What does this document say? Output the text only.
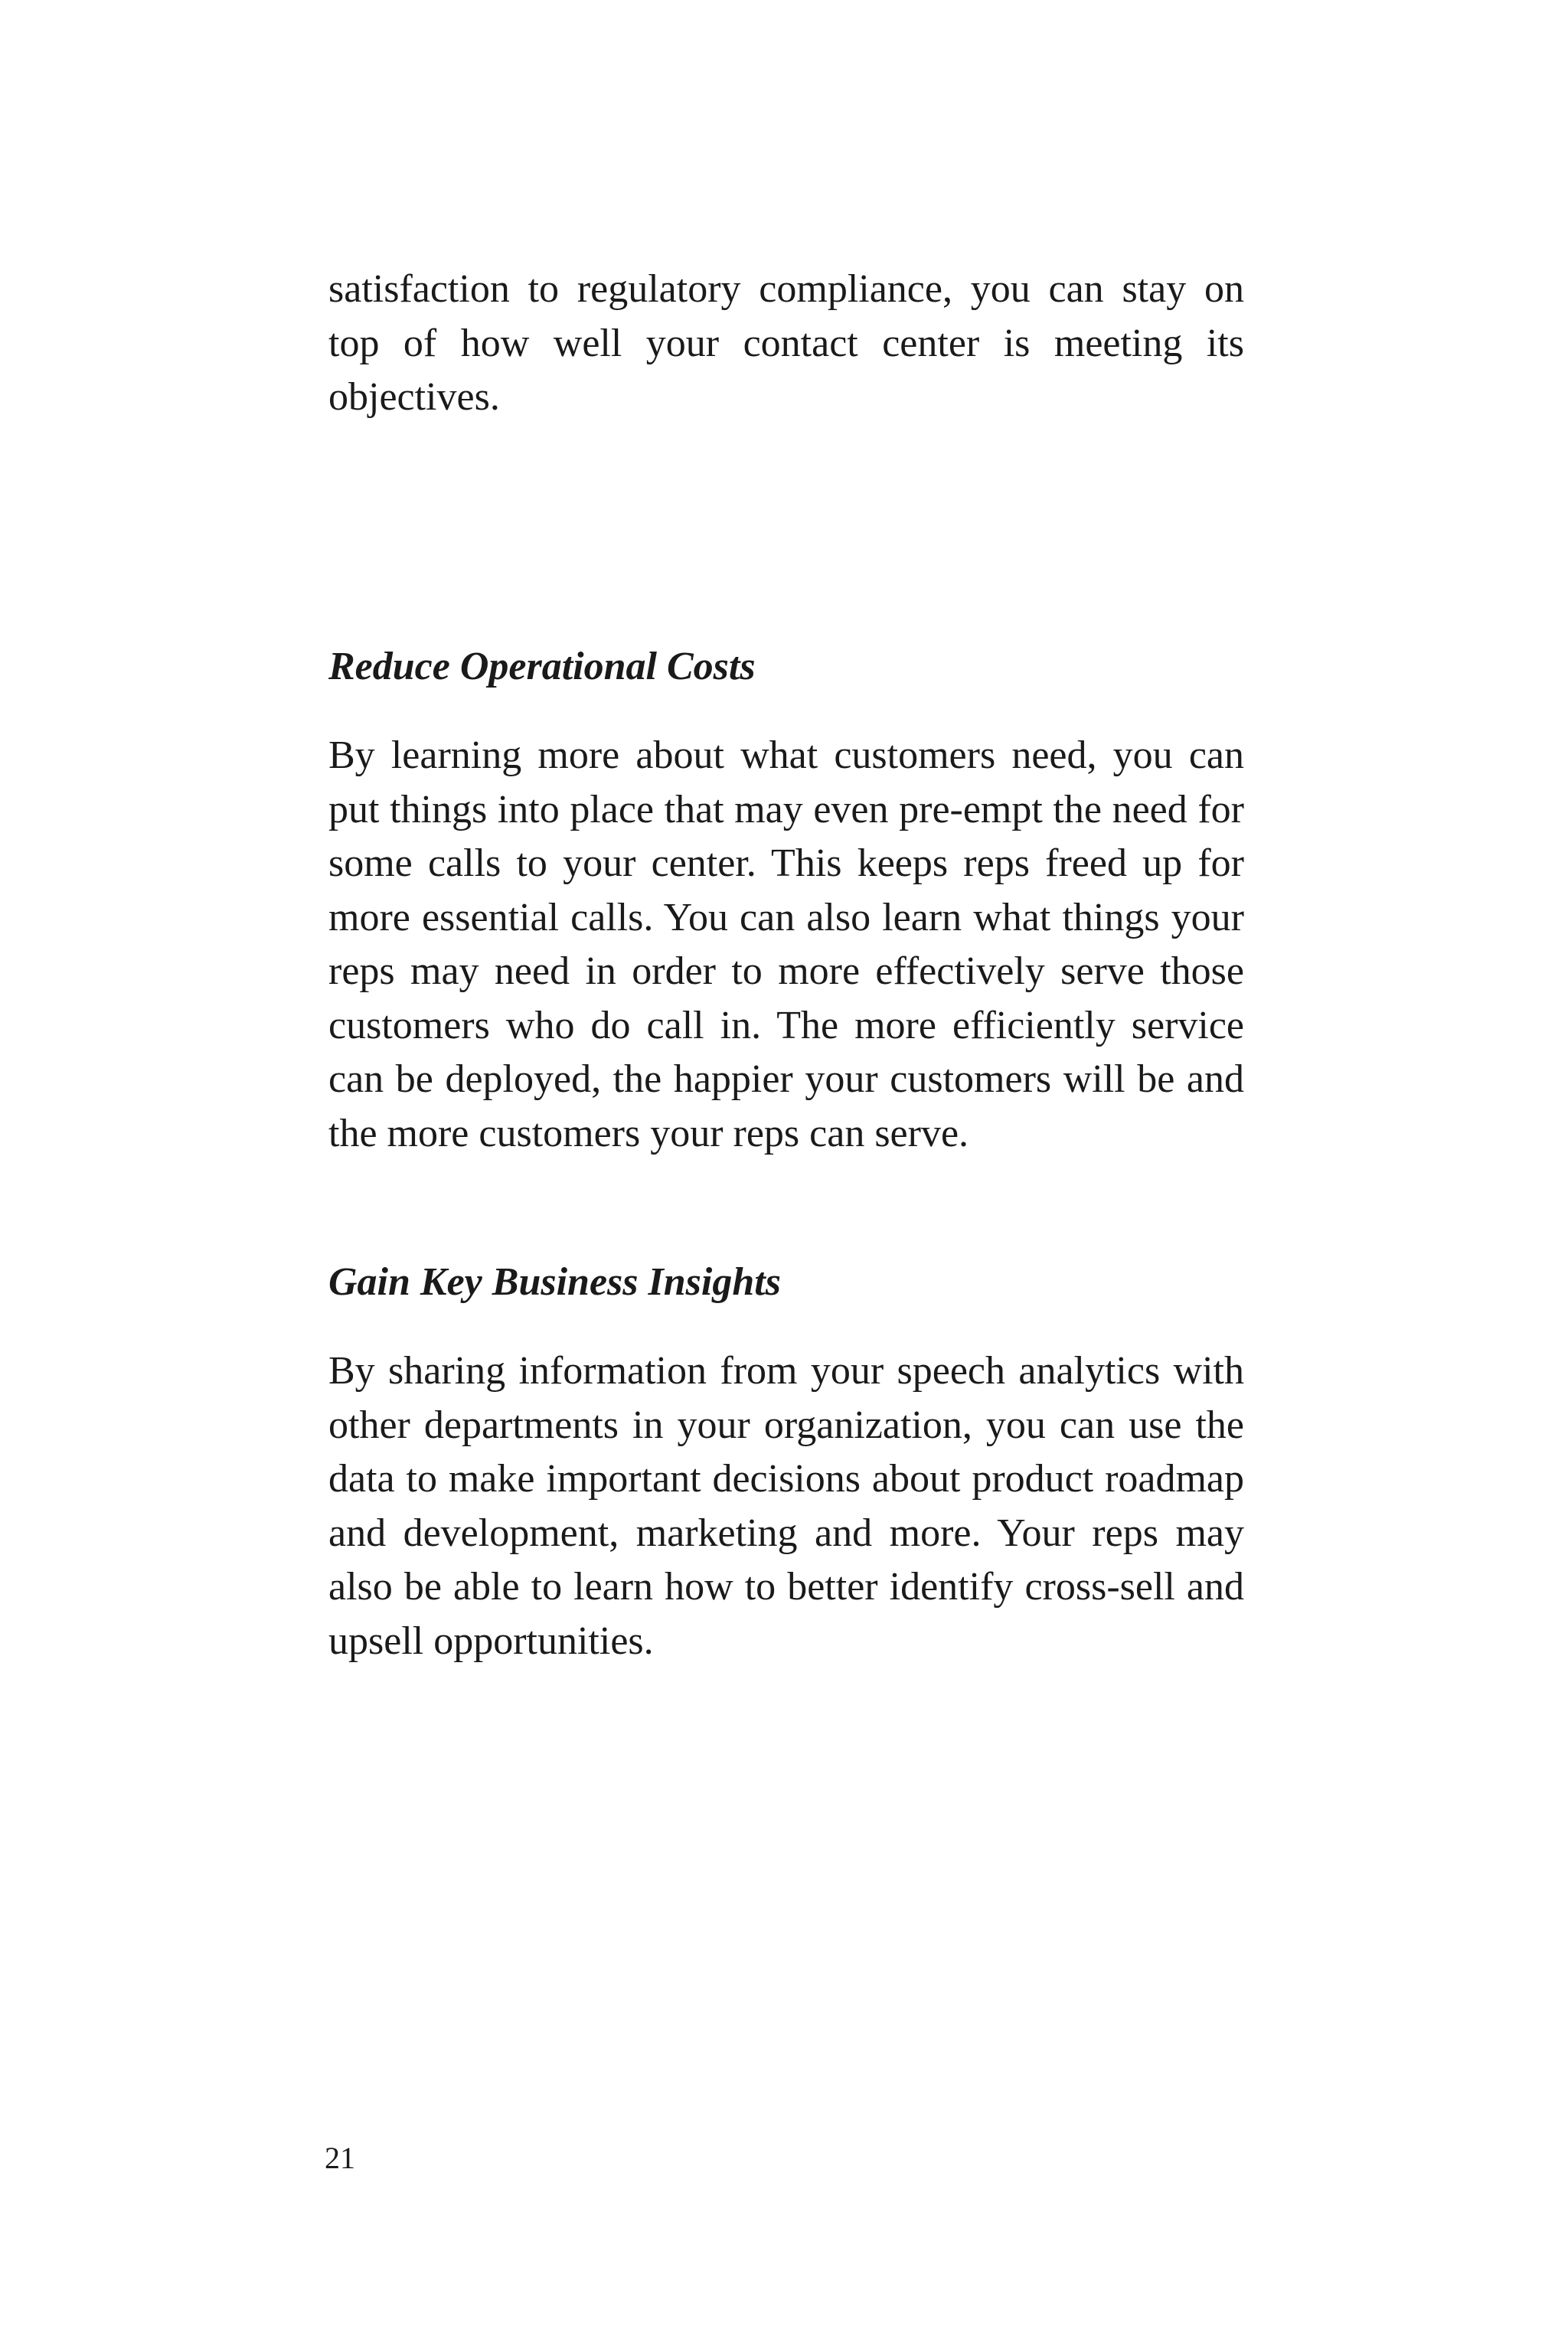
satisfaction to regulatory compliance, you can stay on top of how well your contact center is meeting its objectives.

Reduce Operational Costs

By learning more about what customers need, you can put things into place that may even pre-empt the need for some calls to your center. This keeps reps freed up for more essential calls. You can also learn what things your reps may need in order to more effectively serve those customers who do call in. The more efficiently service can be deployed, the happier your customers will be and the more customers your reps can serve.

Gain Key Business Insights

By sharing information from your speech analytics with other departments in your organization, you can use the data to make important decisions about product roadmap and development, marketing and more. Your reps may also be able to learn how to better identify cross-sell and upsell opportunities.

21
